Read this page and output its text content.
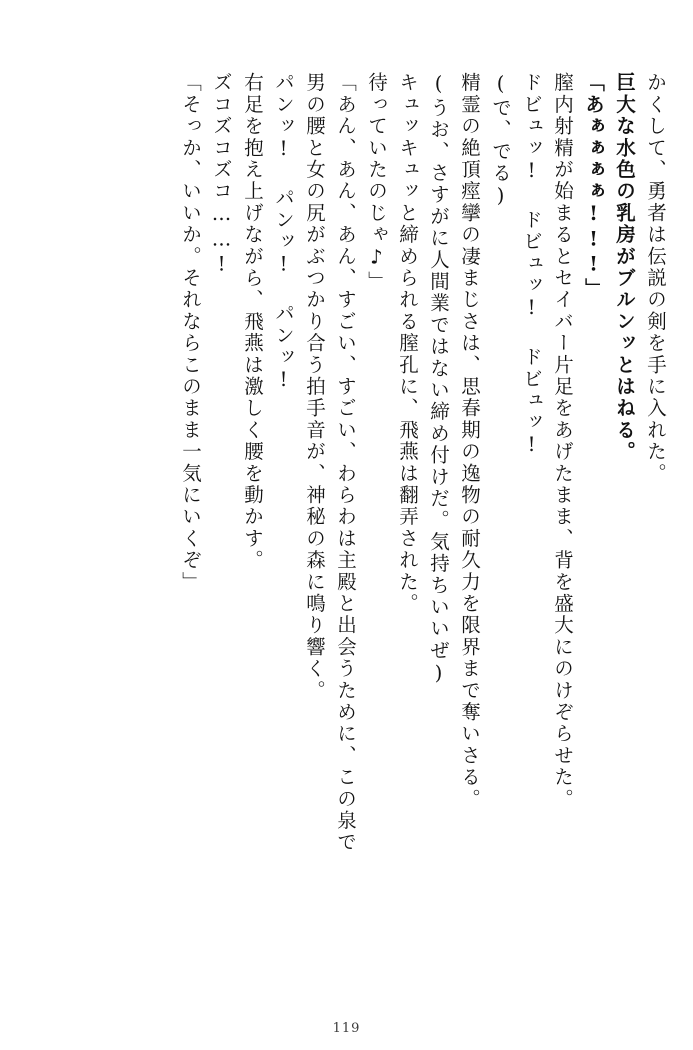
「そっか、いいか。それならこのまま一気にいくぞ」 ズコズコズコ……! 右足を抱え上げながら、飛燕は激しく腰を動かす。 パンッ! パンッ! パンッ! 男の腰と女の尻がぶつかり合う拍手音が、神秘の森に鳴り響く。 「あん、あん、あん、すごい、すごい、わらわは主殿と出会うために、この泉で 待っていたのじゃ♪」 キュッキュッと締められる膣孔に、飛燕は翻弄された。 (うお、さすがに人間業ではない締め付けだ。気持ちいいぜ) 精霊の絶頂痙攣の凄まじさは、思春期の逸物の耐久力を限界まで奪いさる。 (で、でる) ドビュッ! ドビュッ! ドビュッ! 膣内射精が始まるとセイバー片足をあげたまま、背を盛大にのけぞらせた。 「あぁぁぁぁ!!!」 巨大な水色の乳房がブルンッとはねる。 かくして、勇者は伝説の剣を手に入れた。
119
